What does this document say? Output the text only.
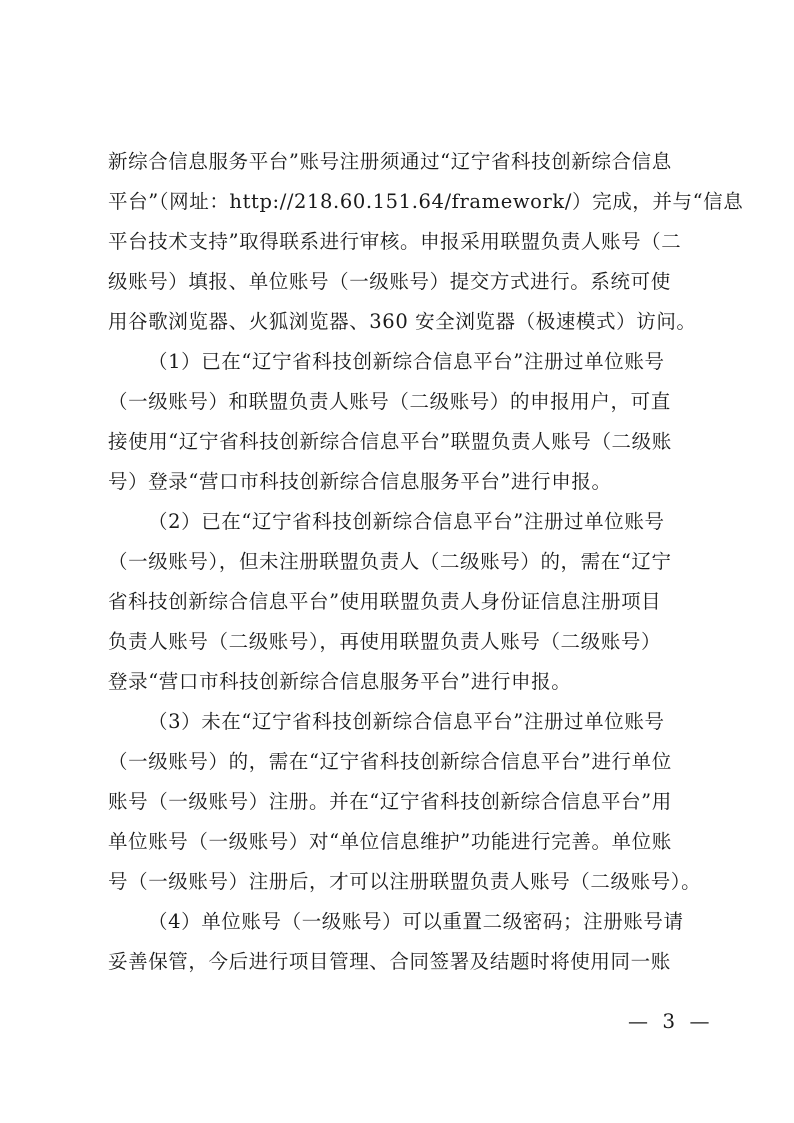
新综合信息服务平台”账号注册须通过“辽宁省科技创新综合信息
平台”（网址：http://218.60.151.64/framework/）完成，并与“信息
平台技术支持”取得联系进行审核。申报采用联盟负责人账号（二
级账号）填报、单位账号（一级账号）提交方式进行。系统可使
用谷歌浏览器、火狐浏览器、360 安全浏览器（极速模式）访问。
（1）已在“辽宁省科技创新综合信息平台”注册过单位账号
（一级账号）和联盟负责人账号（二级账号）的申报用户，可直
接使用“辽宁省科技创新综合信息平台”联盟负责人账号（二级账
号）登录“营口市科技创新综合信息服务平台”进行申报。
（2）已在“辽宁省科技创新综合信息平台”注册过单位账号
（一级账号），但未注册联盟负责人（二级账号）的，需在“辽宁
省科技创新综合信息平台”使用联盟负责人身份证信息注册项目
负责人账号（二级账号），再使用联盟负责人账号（二级账号）
登录“营口市科技创新综合信息服务平台”进行申报。
（3）未在“辽宁省科技创新综合信息平台”注册过单位账号
（一级账号）的，需在“辽宁省科技创新综合信息平台”进行单位
账号（一级账号）注册。并在“辽宁省科技创新综合信息平台”用
单位账号（一级账号）对“单位信息维护”功能进行完善。单位账
号（一级账号）注册后，才可以注册联盟负责人账号（二级账号）。
（4）单位账号（一级账号）可以重置二级密码；注册账号请
妥善保管，今后进行项目管理、合同签署及结题时将使用同一账
— 3 —
